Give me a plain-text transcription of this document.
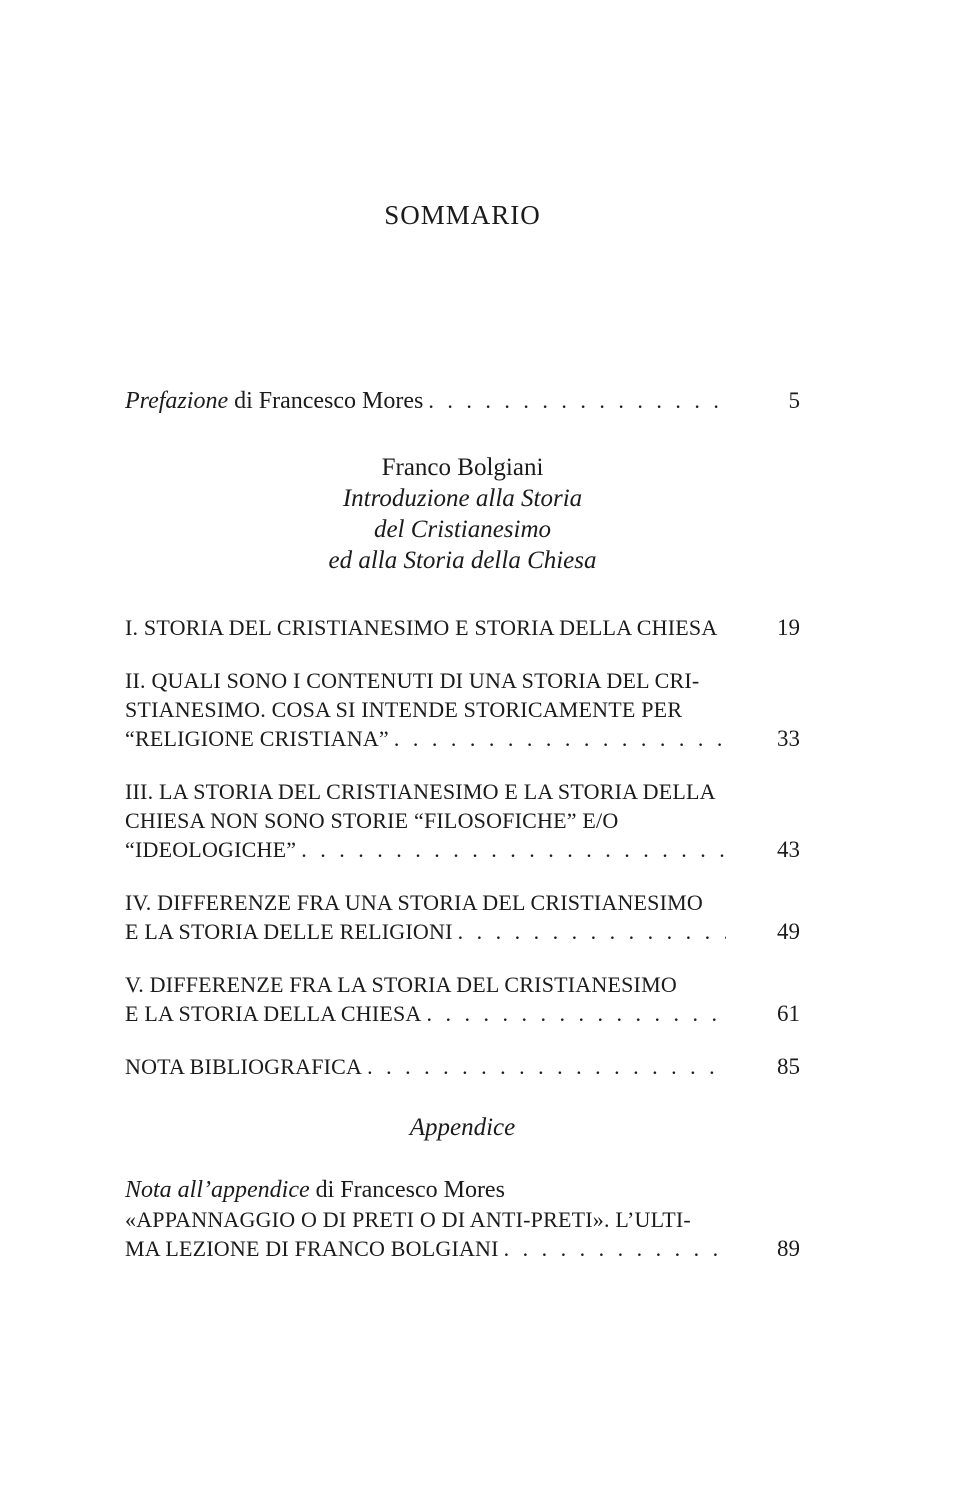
SOMMARIO
Prefazione di Francesco Mores . . .	5
Franco Bolgiani
Introduzione alla Storia
del Cristianesimo
ed alla Storia della Chiesa
I. STORIA DEL CRISTIANESIMO E STORIA DELLA CHIESA	19
II. QUALI SONO I CONTENUTI DI UNA STORIA DEL CRI-
STIANESIMO. COSA SI INTENDE STORICAMENTE PER
“RELIGIONE CRISTIANA” . . .	33
III. LA STORIA DEL CRISTIANESIMO E LA STORIA DELLA
CHIESA NON SONO STORIE “FILOSOFICHE” E/O
“IDEOLOGICHE” . . .	43
IV. DIFFERENZE FRA UNA STORIA DEL CRISTIANESIMO
E LA STORIA DELLE RELIGIONI . . .	49
V. DIFFERENZE FRA LA STORIA DEL CRISTIANESIMO
E LA STORIA DELLA CHIESA . . .	61
NOTA BIBLIOGRAFICA . . .	85
Appendice
Nota all’appendice di Francesco Mores
«APPANNAGGIO O DI PRETI O DI ANTI-PRETI». L’ULTI-
MA LEZIONE DI FRANCO BOLGIANI . . .	89
